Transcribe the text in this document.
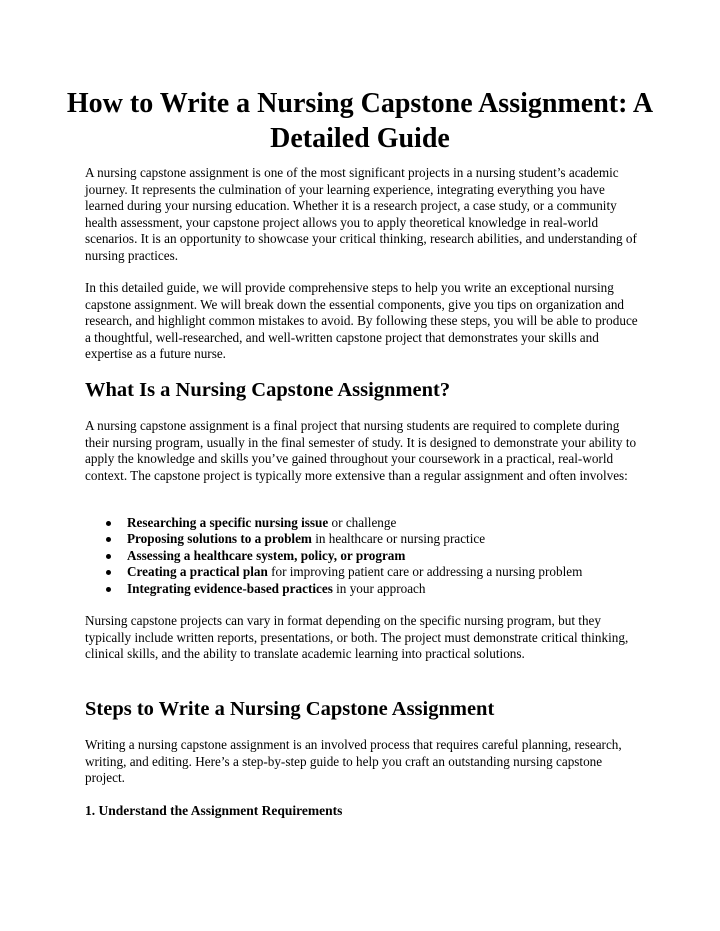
How to Write a Nursing Capstone Assignment: A Detailed Guide

A nursing capstone assignment is one of the most significant projects in a nursing student’s academic journey. It represents the culmination of your learning experience, integrating everything you have learned during your nursing education. Whether it is a research project, a case study, or a community health assessment, your capstone project allows you to apply theoretical knowledge in real-world scenarios. It is an opportunity to showcase your critical thinking, research abilities, and understanding of nursing practices.

In this detailed guide, we will provide comprehensive steps to help you write an exceptional nursing capstone assignment. We will break down the essential components, give you tips on organization and research, and highlight common mistakes to avoid. By following these steps, you will be able to produce a thoughtful, well-researched, and well-written capstone project that demonstrates your skills and expertise as a future nurse.

What Is a Nursing Capstone Assignment?

A nursing capstone assignment is a final project that nursing students are required to complete during their nursing program, usually in the final semester of study. It is designed to demonstrate your ability to apply the knowledge and skills you’ve gained throughout your coursework in a practical, real-world context. The capstone project is typically more extensive than a regular assignment and often involves:

Researching a specific nursing issue or challenge
Proposing solutions to a problem in healthcare or nursing practice
Assessing a healthcare system, policy, or program
Creating a practical plan for improving patient care or addressing a nursing problem
Integrating evidence-based practices in your approach

Nursing capstone projects can vary in format depending on the specific nursing program, but they typically include written reports, presentations, or both. The project must demonstrate critical thinking, clinical skills, and the ability to translate academic learning into practical solutions.

Steps to Write a Nursing Capstone Assignment

Writing a nursing capstone assignment is an involved process that requires careful planning, research, writing, and editing. Here’s a step-by-step guide to help you craft an outstanding nursing capstone project.

1. Understand the Assignment Requirements
